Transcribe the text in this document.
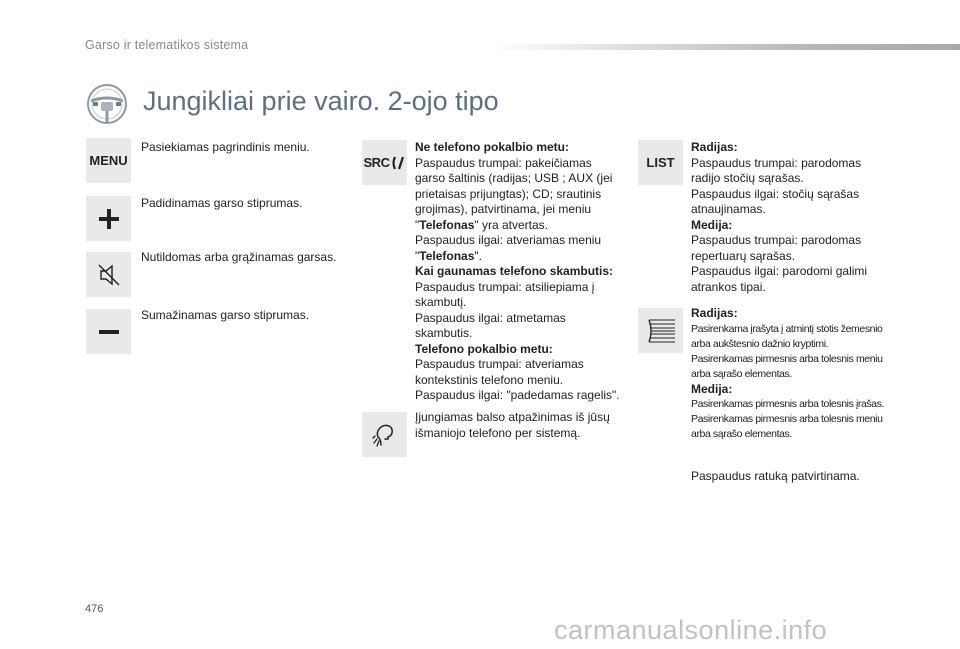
Garso ir telematikos sistema
Jungikliai prie vairo. 2-ojo tipo
MENU
Pasiekiamas pagrindinis meniu.
Padidinamas garso stiprumas.
Nutildomas arba grąžinamas garsas.
Sumažinamas garso stiprumas.
SRC

Ne telefono pokalbio metu:

Paspaudus trumpai: pakeičiamas garso šaltinis (radijas; USB ; AUX (jei prietaisas prijungtas); CD; srautinis grojimas), patvirtinama, jei meniu "Telefonas" yra atvertas.

Paspaudus ilgai: atveriamas meniu "Telefonas".

Kai gaunamas telefono skambutis:

Paspaudus trumpai: atsiliepiama į skambutį.

Paspaudus ilgai: atmetamas skambutis.

Telefono pokalbio metu:

Paspaudus trumpai: atveriamas kontekstinis telefono meniu.

Paspaudus ilgai: "padedamas ragelis".

Įjungiamas balso atpažinimas iš jūsų išmaniojo telefono per sistemą.
LIST

Radijas:

Paspaudus trumpai: parodomas radijo stočių sąrašas.

Paspaudus ilgai: stočių sąrašas atnaujinamas.

Medija:

Paspaudus trumpai: parodomas repertuarų sąrašas.

Paspaudus ilgai: parodomi galimi atrankos tipai.

Radijas:

Pasirenkama įrašyta į atmintį stotis žemesnio arba aukštesnio dažnio kryptimi.

Pasirenkamas pirmesnis arba tolesnis meniu arba sąrašo elementas.

Medija:

Pasirenkamas pirmesnis arba tolesnis įrašas.

Pasirenkamas pirmesnis arba tolesnis meniu arba sąrašo elementas.

Paspaudus ratuką patvirtinama.
476
carmanualsonline.info
